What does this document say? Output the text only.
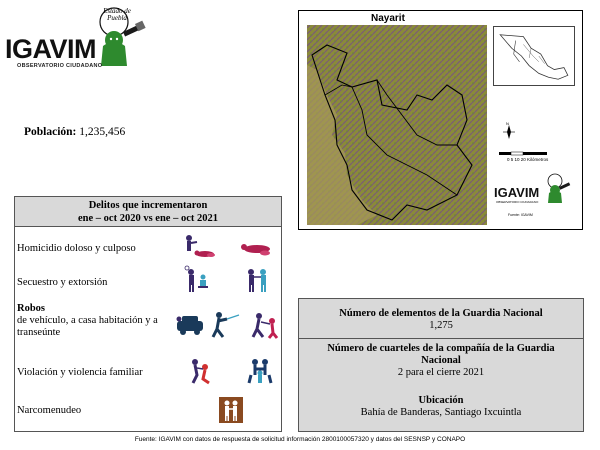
Estado de Puebla
IGAVIM
OBSERVATORIO CIUDADANO
Población: 1,235,456
Nayarit
N
0 5 10 20 Kilómetros
IGAVIM
OBSERVATORIO CIUDADANO
Fuente: IGAVIM
Delitos que incrementaron
ene – oct 2020 vs ene – oct 2021
Homicidio doloso y culposo
Secuestro y extorsión
Robos
de vehículo, a casa habitación y a transeúnte
Violación y violencia familiar
Narcomenudeo
Número de elementos de la Guardia Nacional
1,275
Número de cuarteles de la compañía de la Guardia Nacional
2 para el cierre 2021
Ubicación
Bahía de Banderas, Santiago Ixcuintla
Fuente: IGAVIM con datos de respuesta de solicitud información 2800100057320 y datos del SESNSP y CONAPO
